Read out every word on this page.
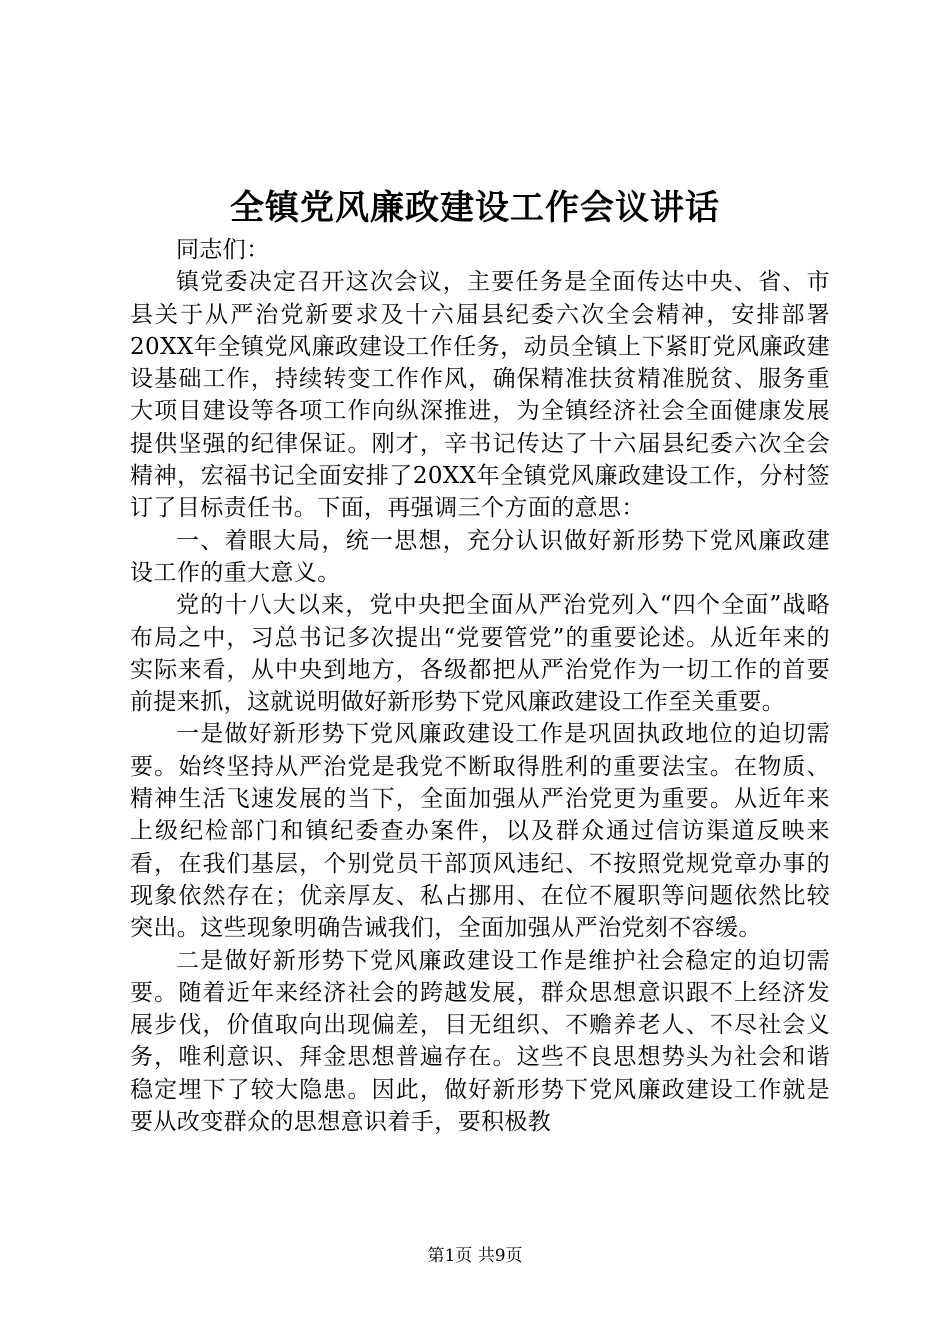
全镇党风廉政建设工作会议讲话

同志们：

镇党委决定召开这次会议，主要任务是全面传达中央、省、市县关于从严治党新要求及十六届县纪委六次全会精神，安排部署20XX年全镇党风廉政建设工作任务，动员全镇上下紧盯党风廉政建设基础工作，持续转变工作作风，确保精准扶贫精准脱贫、服务重大项目建设等各项工作向纵深推进，为全镇经济社会全面健康发展提供坚强的纪律保证。刚才，辛书记传达了十六届县纪委六次全会精神，宏福书记全面安排了20XX年全镇党风廉政建设工作，分村签订了目标责任书。下面，再强调三个方面的意思：

一、着眼大局，统一思想，充分认识做好新形势下党风廉政建设工作的重大意义。

党的十八大以来，党中央把全面从严治党列入“四个全面”战略布局之中，习总书记多次提出“党要管党”的重要论述。从近年来的实际来看，从中央到地方，各级都把从严治党作为一切工作的首要前提来抓，这就说明做好新形势下党风廉政建设工作至关重要。

一是做好新形势下党风廉政建设工作是巩固执政地位的迫切需要。始终坚持从严治党是我党不断取得胜利的重要法宝。在物质、精神生活飞速发展的当下，全面加强从严治党更为重要。从近年来上级纪检部门和镇纪委查办案件，以及群众通过信访渠道反映来看，在我们基层，个别党员干部顶风违纪、不按照党规党章办事的现象依然存在；优亲厚友、私占挪用、在位不履职等问题依然比较突出。这些现象明确告诫我们，全面加强从严治党刻不容缓。

二是做好新形势下党风廉政建设工作是维护社会稳定的迫切需要。随着近年来经济社会的跨越发展，群众思想意识跟不上经济发展步伐，价值取向出现偏差，目无组织、不赡养老人、不尽社会义务，唯利意识、拜金思想普遍存在。这些不良思想势头为社会和谐稳定埋下了较大隐患。因此，做好新形势下党风廉政建设工作就是要从改变群众的思想意识着手，要积极教

第1页 共9页
